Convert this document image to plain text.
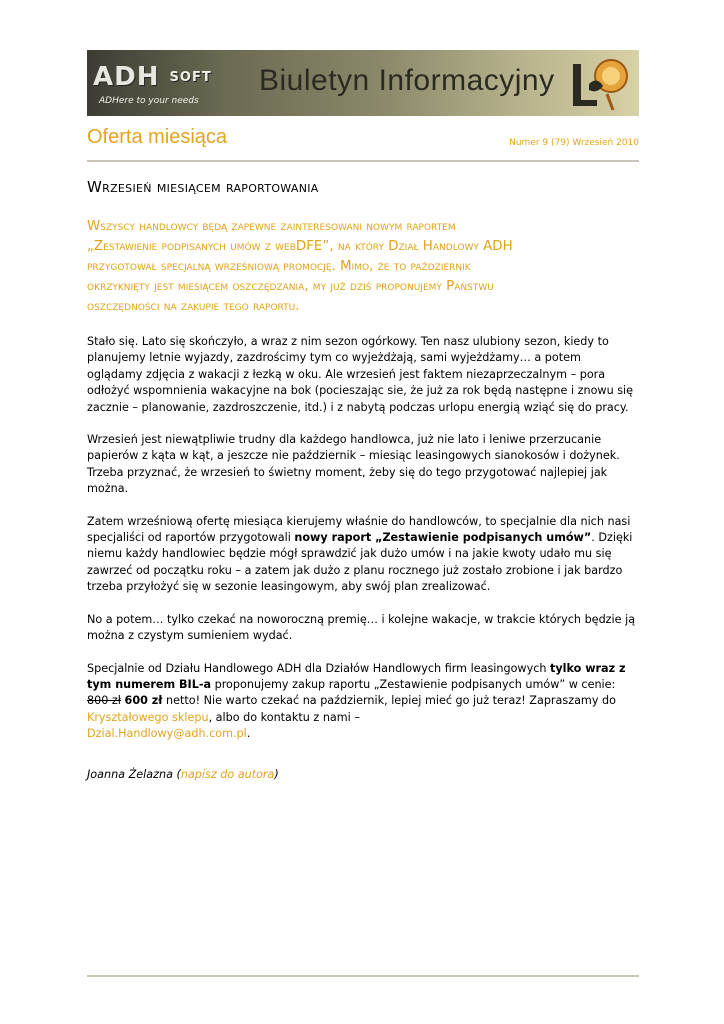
ADH SOFT
ADHere to your needs
Biuletyn Informacyjny
Oferta miesiąca	Numer 9 (79) Wrzesień 2010
Wrzesień miesiącem raportowania
Wszyscy handlowcy będą zapewne zainteresowani nowym raportem
„Zestawienie podpisanych umów z webDFE”, na który Dział Handlowy ADH
przygotował specjalną wrześniową promocję. Mimo, że to październik
okrzyknięty jest miesiącem oszczędzania, my już dziś proponujemy Państwu
oszczędności na zakupie tego raportu.

Stało się. Lato się skończyło, a wraz z nim sezon ogórkowy. Ten nasz ulubiony sezon, kiedy to planujemy letnie wyjazdy, zazdrościmy tym co wyjeżdżają, sami wyjeżdżamy… a potem oglądamy zdjęcia z wakacji z łezką w oku. Ale wrzesień jest faktem niezaprzeczalnym – pora odłożyć wspomnienia wakacyjne na bok (pocieszając sie, że już za rok będą następne i znowu się zacznie – planowanie, zazdroszczenie, itd.) i z nabytą podczas urlopu energią wziąć się do pracy.

Wrzesień jest niewątpliwie trudny dla każdego handlowca, już nie lato i leniwe przerzucanie papierów z kąta w kąt, a jeszcze nie październik – miesiąc leasingowych sianokosów i dożynek. Trzeba przyznać, że wrzesień to świetny moment, żeby się do tego przygotować najlepiej jak można.

Zatem wrześniową ofertę miesiąca kierujemy właśnie do handlowców, to specjalnie dla nich nasi specjaliści od raportów przygotowali nowy raport „Zestawienie podpisanych umów”. Dzięki niemu każdy handlowiec będzie mógł sprawdzić jak dużo umów i na jakie kwoty udało mu się zawrzeć od początku roku – a zatem jak dużo z planu rocznego już zostało zrobione i jak bardzo trzeba przyłożyć się w sezonie leasingowym, aby swój plan zrealizować.

No a potem… tylko czekać na noworoczną premię… i kolejne wakacje, w trakcie których będzie ją można z czystym sumieniem wydać.

Specjalnie od Działu Handlowego ADH dla Działów Handlowych firm leasingowych tylko wraz z tym numerem BIL-a proponujemy zakup raportu „Zestawienie podpisanych umów” w cenie: 800 zł 600 zł netto! Nie warto czekać na październik, lepiej mieć go już teraz! Zapraszamy do Kryształowego sklepu, albo do kontaktu z nami –
Dzial.Handlowy@adh.com.pl.

Joanna Żelazna (napisz do autora)
